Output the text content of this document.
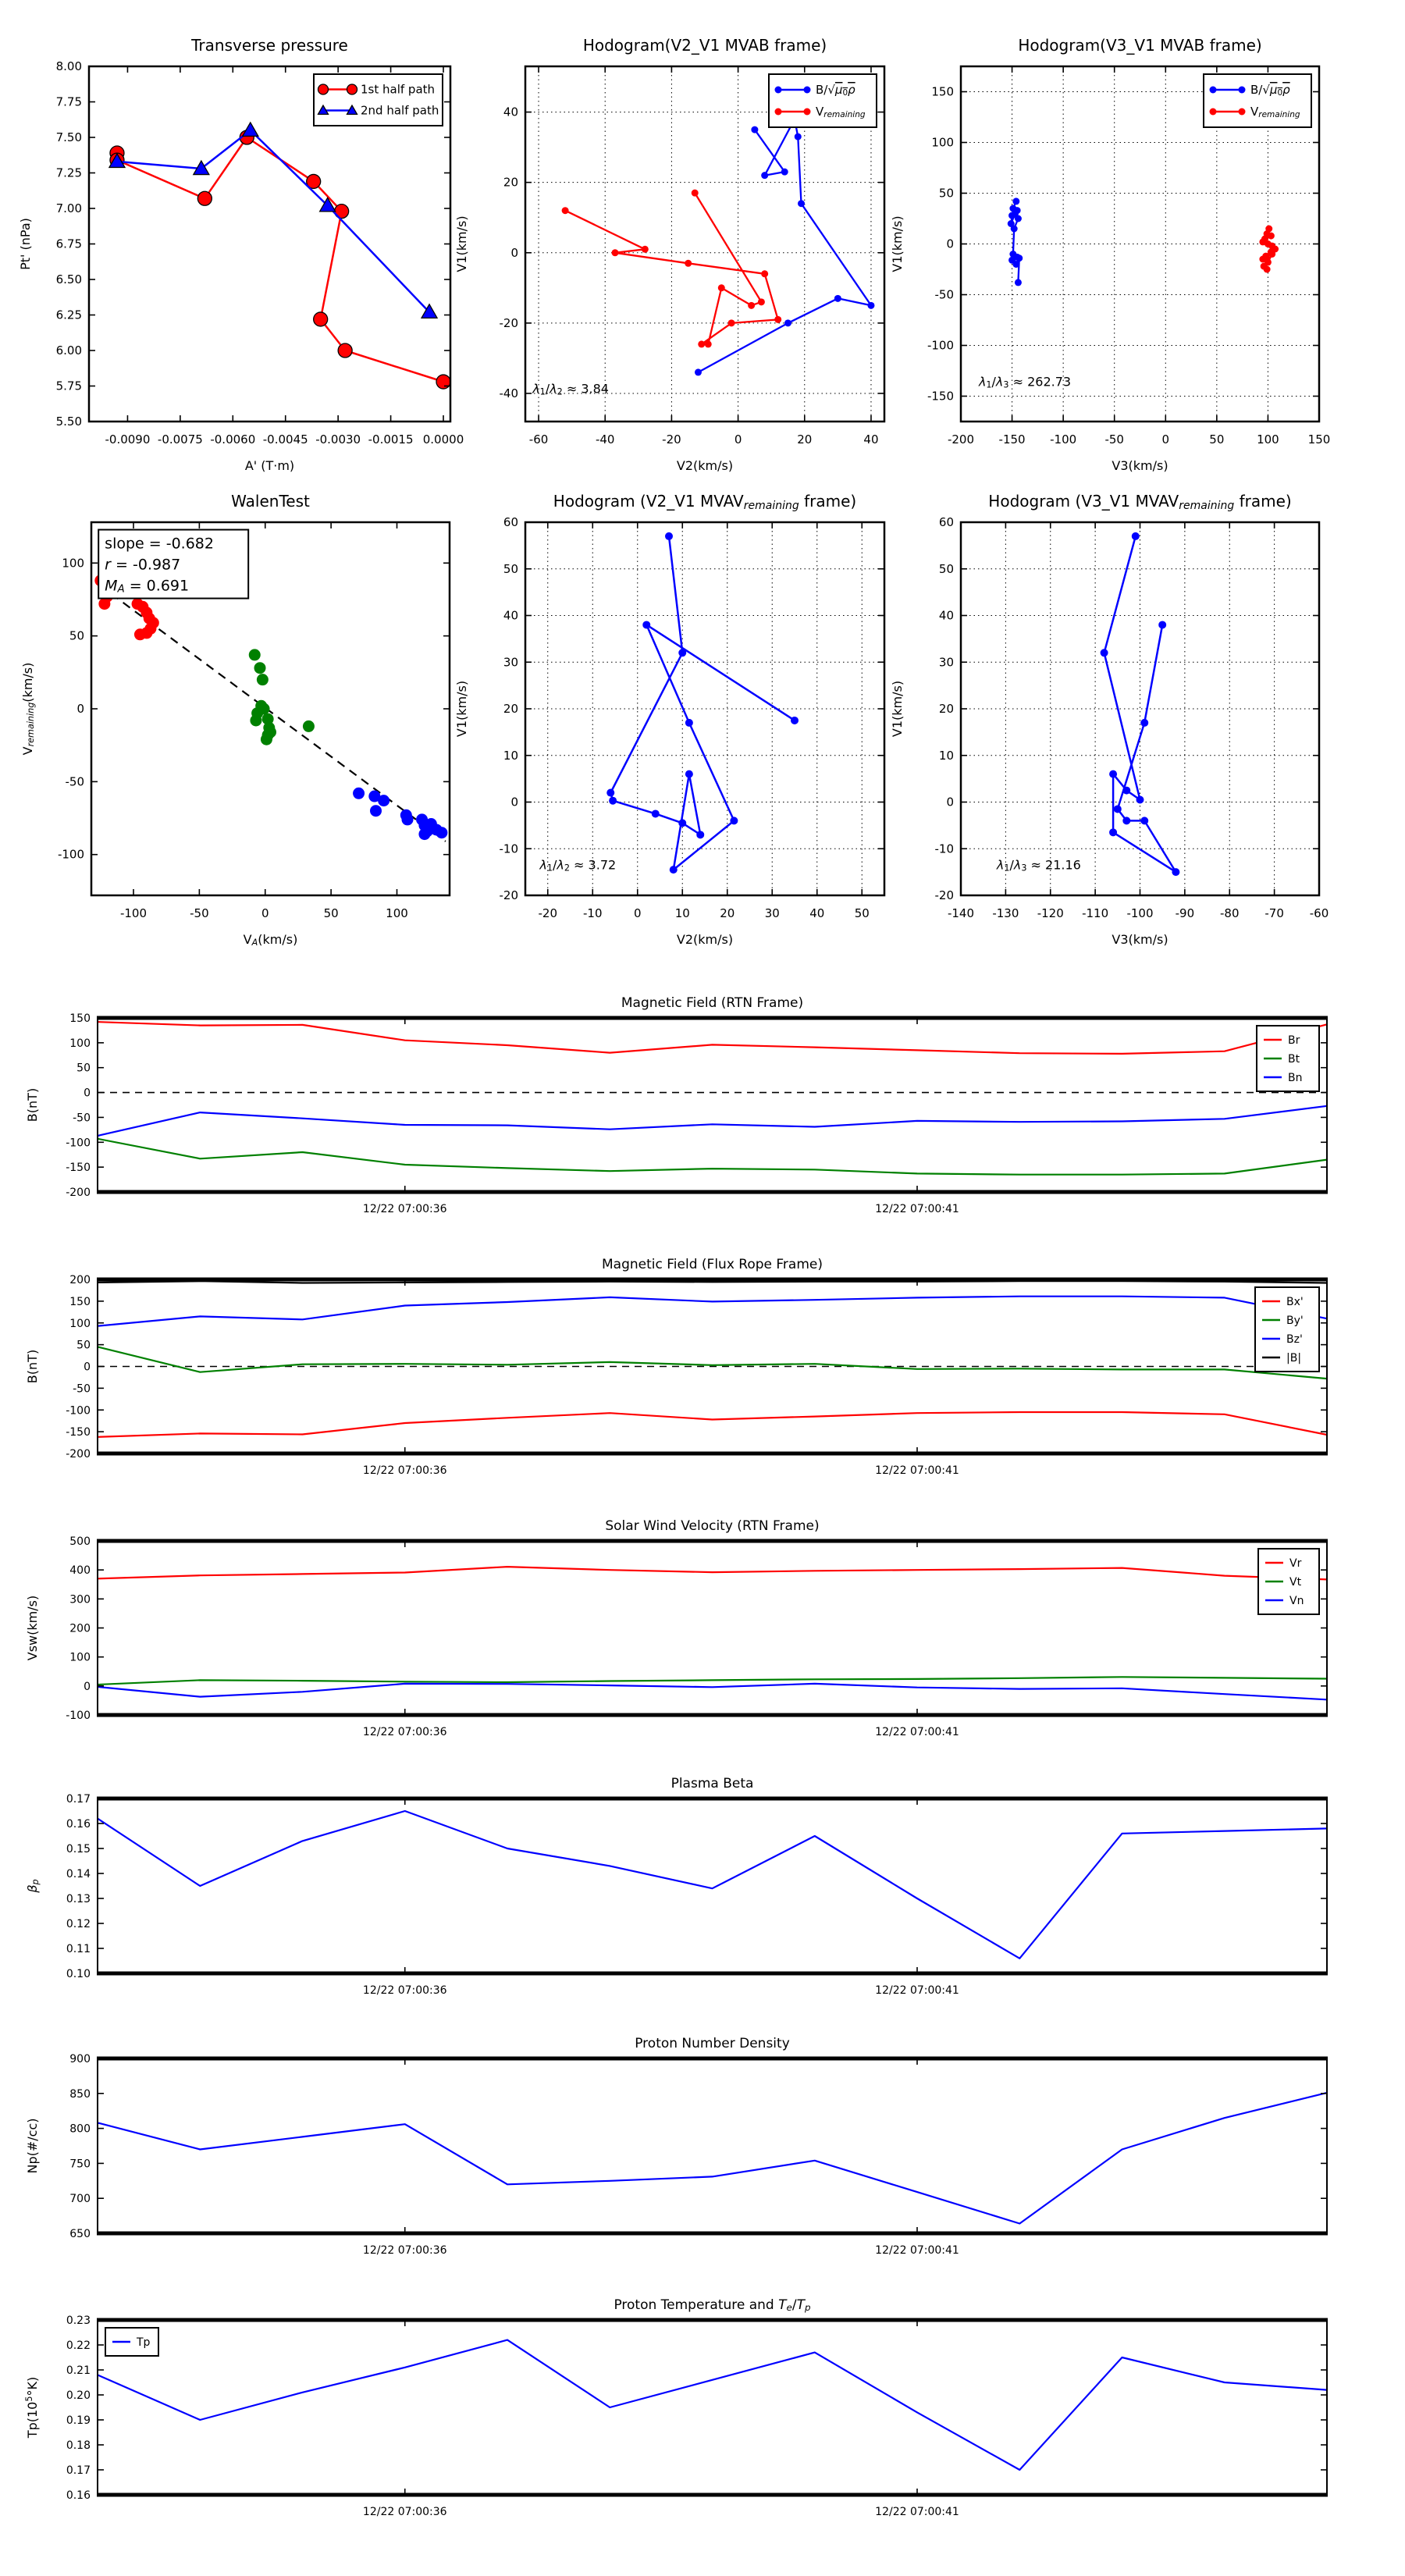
-0.0090 -0.0075 -0.0060 -0.0045 -0.0030 -0.0015 0.0000
5.50
5.75
6.00
6.25
6.50
6.75
7.00
7.25
7.50
7.75
8.00
Transverse pressure
A' (T·m)
Pt' (nPa)
1st half path
2nd half path
-60	-40	-20	0	20	40
-40
-20
0
20
40
Hodogram(V2_V1 MVAB frame)
V2(km/s)
V1(km/s)
λ1/λ2 ≈ 3.84
B/√μ0ρ
Vremaining
-200 -150 -100 -50	0	50	100 150
-150
-100
-50
0
50
100
150
Hodogram(V3_V1 MVAB frame)
V3(km/s)
V1(km/s)
λ1/λ3 ≈ 262.73
B/√μ0ρ
Vremaining
-100	-50	0	50	100
-100
-50
0
50
100
WalenTest
VA(km/s)
Vremaining(km/s)
slope = -0.682
r = -0.987
MA = 0.691
-20 -10	0	10	20	30	40	50
-20
-10
0
10
20
30
40
50
60
Hodogram (V2_V1 MVAVremaining frame)
V2(km/s)
V1(km/s)
λ1/λ2 ≈ 3.72
-140 -130 -120 -110 -100 -90 -80 -70 -60
-20
-10
0
10
20
30
40
50
60
Hodogram (V3_V1 MVAVremaining frame)
V3(km/s)
V1(km/s)
λ1/λ3 ≈ 21.16
12/22 07:00:36	12/22 07:00:41
-200
-150
-100
-50
0
50
100
150
Magnetic Field (RTN Frame)
B(nT)
Br
Bt
Bn
12/22 07:00:36	12/22 07:00:41
-200
-150
-100
-50
0
50
100
150
200
Magnetic Field (Flux Rope Frame)
B(nT)
Bx'
By'
Bz'
|B|
12/22 07:00:36	12/22 07:00:41
-100
0
100
200
300
400
500
Solar Wind Velocity (RTN Frame)
Vsw(km/s)
Vr
Vt
Vn
12/22 07:00:36	12/22 07:00:41
0.10
0.11
0.12
0.13
0.14
0.15
0.16
0.17
Plasma Beta
βp
12/22 07:00:36	12/22 07:00:41
650
700
750
800
850
900
Proton Number Density
Np(#/cc)
12/22 07:00:36	12/22 07:00:41
0.16
0.17
0.18
0.19
0.20
0.21
0.22
0.23
Proton Temperature and Te/Tp
Tp(105°K)
Tp
